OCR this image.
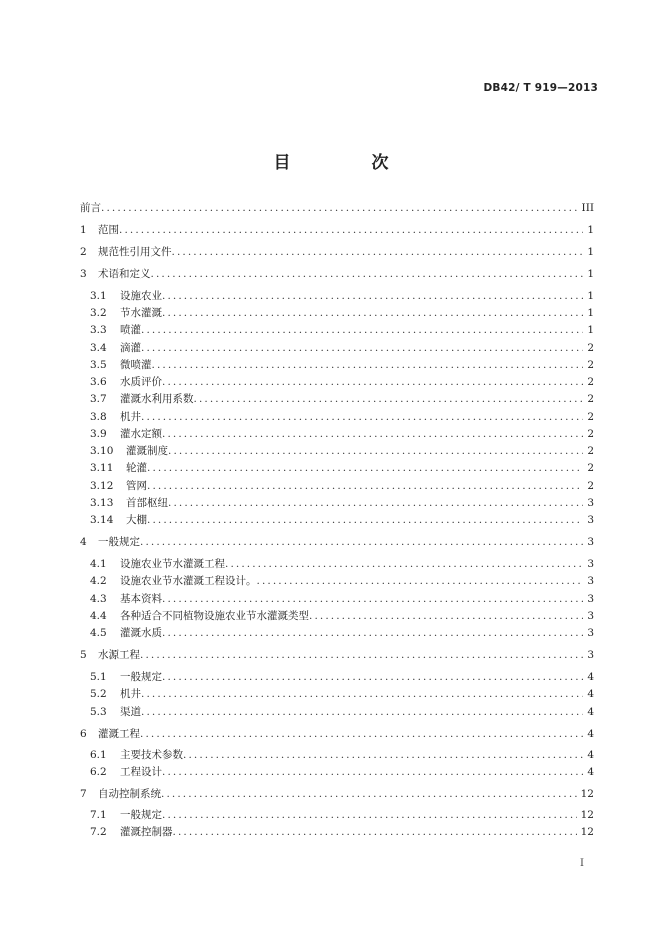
DB42/ T 919—2013
目　次
前言 .....	III
1	范围 .....	1
2	规范性引用文件 .....	1
3	术语和定义 .....	1
3.1	设施农业 .....	1
3.2	节水灌溉 .....	1
3.3	喷灌 .....	1
3.4	滴灌 .....	2
3.5	微喷灌 .....	2
3.6	水质评价 .....	2
3.7	灌溉水利用系数 .....	2
3.8	机井 .....	2
3.9	灌水定额 .....	2
3.10	灌溉制度 .....	2
3.11	轮灌 .....	2
3.12	管网 .....	2
3.13	首部枢纽 .....	3
3.14	大棚 .....	3
4	一般规定 .....	3
4.1	设施农业节水灌溉工程 .....	3
4.2	设施农业节水灌溉工程设计。 .....	3
4.3	基本资料 .....	3
4.4	各种适合不同植物设施农业节水灌溉类型 .....	3
4.5	灌溉水质 .....	3
5	水源工程 .....	3
5.1	一般规定 .....	4
5.2	机井 .....	4
5.3	渠道 .....	4
6	灌溉工程 .....	4
6.1	主要技术参数 .....	4
6.2	工程设计 .....	4
7	自动控制系统 .....	12
7.1	一般规定 .....	12
7.2	灌溉控制器 .....	12
I
